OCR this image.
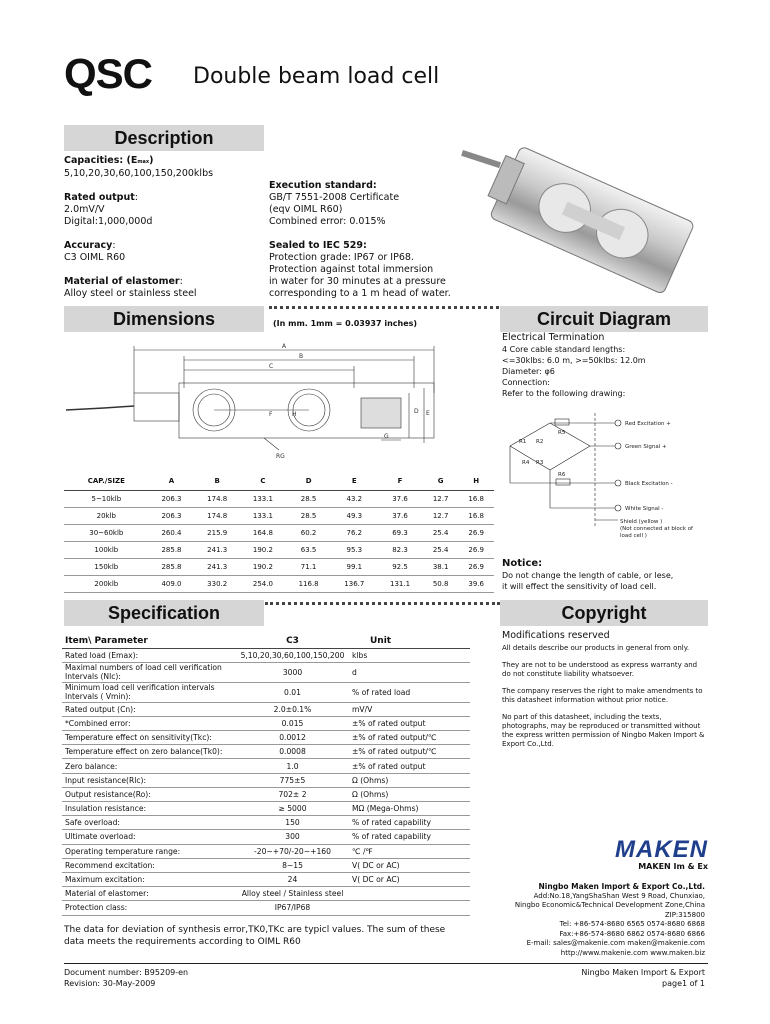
QSC Double beam load cell
Description
Capacities: (Emax)
5,10,20,30,60,100,150,200klbs
Rated output:
2.0mV/V
Digital:1,000,000d
Accuracy:
C3 OIML R60
Material of elastomer:
Alloy steel or stainless steel
Execution standard:
GB/T 7551-2008 Certificate
(eqv OIML R60)
Combined error: 0.015%
Sealed to IEC 529:
Protection grade: IP67 or IP68.
Protection against total immersion
in water for 30 minutes at a pressure
corresponding to a 1 m head of water.
Dimensions	(In mm. 1mm = 0.03937 inches)
A
B
C
D E
F
G
H
RG
CAP./SIZE	A	B	C	D	E	F	G	H
5~10klb	206.3	174.8	133.1	28.5	43.2	37.6	12.7	16.8
20klb	206.3	174.8	133.1	28.5	49.3	37.6	12.7	16.8
30~60klb	260.4	215.9	164.8	60.2	76.2	69.3	25.4	26.9
100klb	285.8	241.3	190.2	63.5	95.3	82.3	25.4	26.9
150klb	285.8	241.3	190.2	71.1	99.1	92.5	38.1	26.9
200klb	409.0	330.2	254.0	116.8	136.7	131.1	50.8	39.6
Circuit Diagram
Electrical Termination
4 Core cable standard lengths:
<=30klbs: 6.0 m, >=50klbs: 12.0m
Diameter: φ6
Connection:
Refer to the following drawing:
Red Excitation +
Green Signal +
Black Excitation -
White Signal -
Shield (yellow )
(Not connected at block of
load cell )
R1 R2
R3
R4
R5
R6
Notice:
Do not change the length of cable, or lese,
it will effect the sensitivity of load cell.
Specification
Item\ Parameter	C3	Unit
Rated load (Emax):	5,10,20,30,60,100,150,200	klbs
Maximal numbers of load cell verification Intervals (Nlc):	3000	d
Minimum load cell verification intervals Intervals ( Vmin):	0.01	% of rated load
Rated output (Cn):	2.0±0.1%	mV/V
*Combined error:	0.015	±% of rated output
Temperature effect on sensitivity(Tkc):	0.0012	±% of rated output/℃
Temperature effect on zero balance(Tk0):	0.0008	±% of rated output/℃
Zero balance:	1.0	±% of rated output
Input resistance(Rlc):	775±5	Ω (Ohms)
Output resistance(Ro):	702± 2	Ω (Ohms)
Insulation resistance:	≥ 5000	MΩ (Mega-Ohms)
Safe overload:	150	% of rated capability
Ultimate overload:	300	% of rated capability
Operating temperature range:	-20~+70/-20~+160	℃ /℉
Recommend excitation:	8~15	V( DC or AC)
Maximum excitation:	24	V( DC or AC)
Material of elastomer:	Alloy steel / Stainless steel	
Protection class:	IP67/IP68	
The data for deviation of synthesis error,TK0,TKc are typicl values. The sum of these
data meets the requirements according to OIML R60
Copyright
Modifications reserved
All details describe our products in general from only.
They are not to be understood as express warranty and do not constitute liability whatsoever.
The company reserves the right to make amendments to this datasheet information without prior notice.
No part of this datasheet, including the texts, photographs, may be reproduced or transmitted without the express written permission of Ningbo Maken Import & Export Co.,Ltd.
MAKEN
MAKEN Im & Ex
Ningbo Maken Import & Export Co.,Ltd.
Add:No.18,YangShaShan West 9 Road, Chunxiao,
Ningbo Economic&Technical Development Zone,China
ZIP:315800
Tel: +86-574-8680 6565 0574-8680 6868
Fax:+86-574-8680 6862 0574-8680 6866
E-mail: sales@makenie.com maken@makenie.com
http://www.makenie.com www.maken.biz
Document number: B95209-en
Revision: 30-May-2009
Ningbo Maken Import & Export
page1 of 1
